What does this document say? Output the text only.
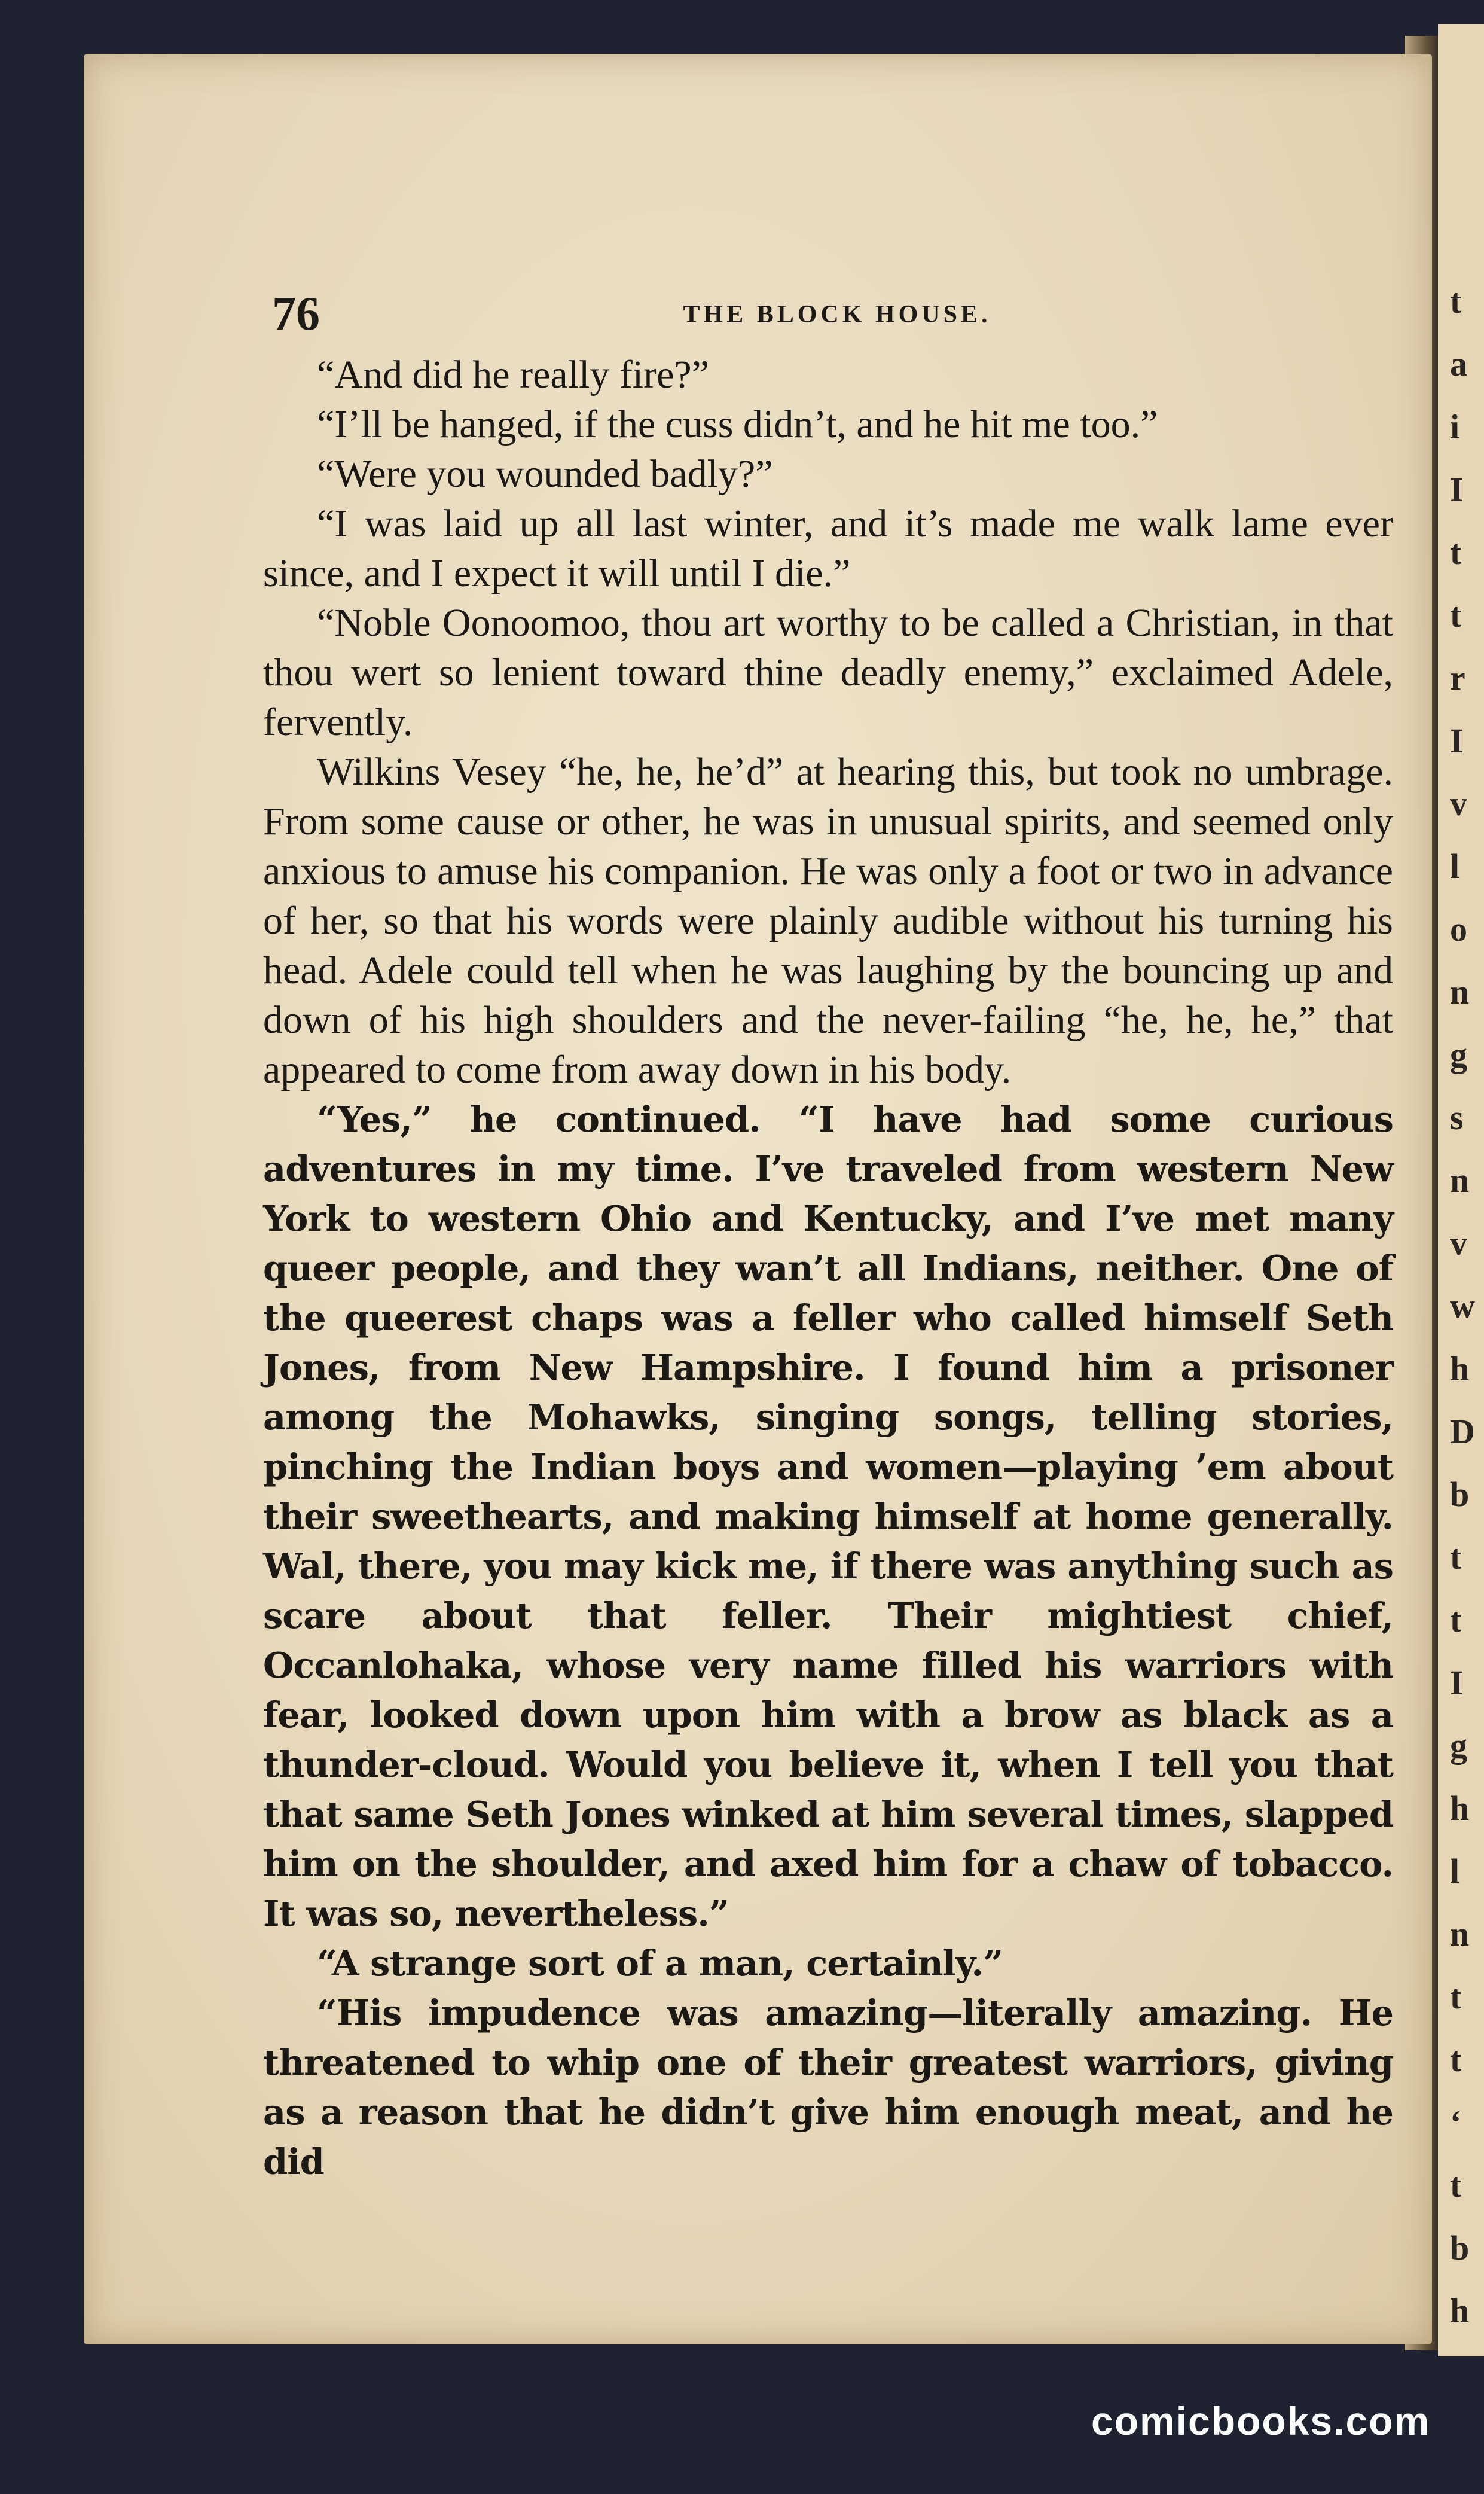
t
a
i
I
t
t
r
I
v
l
o
n
g
s
n
v
w
h
D
b
t
t
I
g
h
l
n
t
t
‘
t
b
h
76	THE BLOCK HOUSE.

“And did he really fire?”

“I’ll be hanged, if the cuss didn’t, and he hit me too.”

“Were you wounded badly?”

“I was laid up all last winter, and it’s made me walk lame ever since, and I expect it will until I die.”

“Noble Oonoomoo, thou art worthy to be called a Christian, in that thou wert so lenient toward thine deadly enemy,” exclaimed Adele, fervently.

Wilkins Vesey “he, he, he’d” at hearing this, but took no umbrage. From some cause or other, he was in unusual spirits, and seemed only anxious to amuse his companion. He was only a foot or two in advance of her, so that his words were plainly audible without his turning his head. Adele could tell when he was laughing by the bouncing up and down of his high shoulders and the never-failing “he, he, he,” that appeared to come from away down in his body.

“Yes,” he continued. “I have had some curious adventures in my time. I’ve traveled from western New York to western Ohio and Kentucky, and I’ve met many queer people, and they wan’t all Indians, neither. One of the queerest chaps was a feller who called himself Seth Jones, from New Hampshire. I found him a prisoner among the Mohawks, singing songs, telling stories, pinching the Indian boys and women—playing ’em about their sweethearts, and making himself at home generally. Wal, there, you may kick me, if there was anything such as scare about that feller. Their mightiest chief, Occanlohaka, whose very name filled his warriors with fear, looked down upon him with a brow as black as a thunder-cloud. Would you believe it, when I tell you that that same Seth Jones winked at him several times, slapped him on the shoulder, and axed him for a chaw of tobacco. It was so, nevertheless.”

“A strange sort of a man, certainly.”

“His impudence was amazing—literally amazing. He threatened to whip one of their greatest warriors, giving as a reason that he didn’t give him enough meat, and he did

comicbooks.com
